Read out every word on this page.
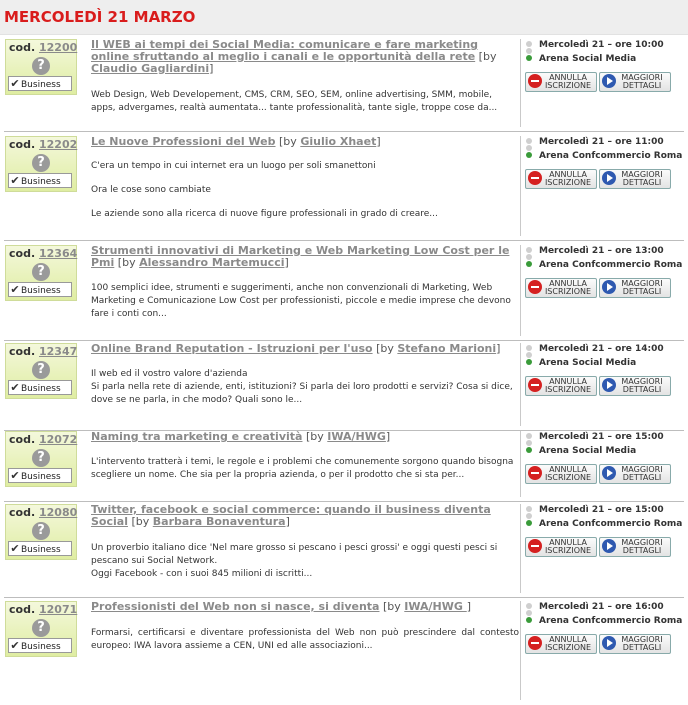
MERCOLEDÌ 21 MARZO
cod. 12200
?
✔Business
Il WEB ai tempi dei Social Media: comunicare e fare marketing online sfruttando al meglio i canali e le opportunità della rete [by Claudio Gagliardini]

Web Design, Web Developement, CMS, CRM, SEO, SEM, online advertising, SMM, mobile, apps, advergames, realtà aumentata... tante professionalità, tante sigle, troppe cose da...

Mercoledì 21 – ore 10:00
Arena Social Media
ANNULLA
ISCRIZIONE
MAGGIORI
DETTAGLI
cod. 12202
?
✔Business
Le Nuove Professioni del Web [by Giulio Xhaet]

C'era un tempo in cui internet era un luogo per soli smanettoni

Ora le cose sono cambiate

Le aziende sono alla ricerca di nuove figure professionali in grado di creare...

Mercoledì 21 – ore 11:00
Arena Confcommercio Roma
ANNULLA
ISCRIZIONE
MAGGIORI
DETTAGLI
cod. 12364
?
✔Business
Strumenti innovativi di Marketing e Web Marketing Low Cost per le Pmi [by Alessandro Martemucci]

100 semplici idee, strumenti e suggerimenti, anche non convenzionali di Marketing, Web Marketing e Comunicazione Low Cost per professionisti, piccole e medie imprese che devono fare i conti con...

Mercoledì 21 – ore 13:00
Arena Confcommercio Roma
ANNULLA
ISCRIZIONE
MAGGIORI
DETTAGLI
cod. 12347
?
✔Business
Online Brand Reputation - Istruzioni per l'uso [by Stefano Marioni]

Il web ed il vostro valore d'azienda

Si parla nella rete di aziende, enti, istituzioni? Si parla dei loro prodotti e servizi? Cosa si dice, dove se ne parla, in che modo? Quali sono le...

Mercoledì 21 – ore 14:00
Arena Social Media
ANNULLA
ISCRIZIONE
MAGGIORI
DETTAGLI
cod. 12072
?
✔Business
Naming tra marketing e creatività [by IWA/HWG]

L'intervento tratterà i temi, le regole e i problemi che comunemente sorgono quando bisogna scegliere un nome. Che sia per la propria azienda, o per il prodotto che si sta per...

Mercoledì 21 – ore 15:00
Arena Social Media
ANNULLA
ISCRIZIONE
MAGGIORI
DETTAGLI
cod. 12080
?
✔Business
Twitter, facebook e social commerce: quando il business diventa Social [by Barbara Bonaventura]

Un proverbio italiano dice 'Nel mare grosso si pescano i pesci grossi' e oggi questi pesci si pescano sui Social Network.

Oggi Facebook - con i suoi 845 milioni di iscritti...

Mercoledì 21 – ore 15:00
Arena Confcommercio Roma
ANNULLA
ISCRIZIONE
MAGGIORI
DETTAGLI
cod. 12071
?
✔Business
Professionisti del Web non si nasce, si diventa [by IWA/HWG ]

Formarsi, certificarsi e diventare professionista del Web non può prescindere dal contesto europeo: IWA lavora assieme a CEN, UNI ed alle associazioni...

Mercoledì 21 – ore 16:00
Arena Confcommercio Roma
ANNULLA
ISCRIZIONE
MAGGIORI
DETTAGLI
